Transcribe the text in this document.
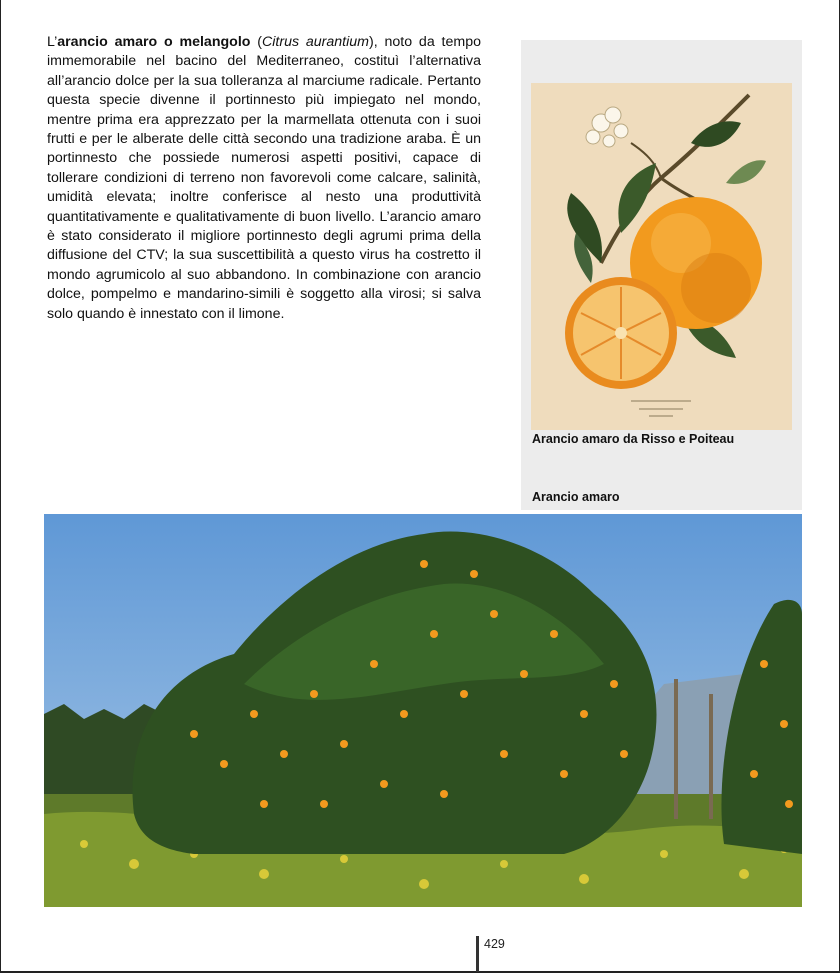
L’arancio amaro o melangolo (Citrus aurantium), noto da tempo immemorabile nel bacino del Mediterraneo, costituì l’alternativa all’arancio dolce per la sua tolleranza al marciume radicale. Pertanto questa specie divenne il portinnesto più impiegato nel mondo, mentre prima era apprezzato per la marmellata ottenuta con i suoi frutti e per le alberate delle città secondo una tradizione araba. È un portinnesto che possiede numerosi aspetti positivi, capace di tollerare condizioni di terreno non favorevoli come calcare, salinità, umidità elevata; inoltre conferisce al nesto una produttività quantitativamente e qualitativamente di buon livello. L’arancio amaro è stato considerato il migliore portinnesto degli agrumi prima della diffusione del CTV; la sua suscettibilità a questo virus ha costretto il mondo agrumicolo al suo abbandono. In combinazione con arancio dolce, pompelmo e mandarino-simili è soggetto alla virosi; si salva solo quando è innestato con il limone.

Arancio amaro da Risso e Poiteau
Arancio amaro
429
